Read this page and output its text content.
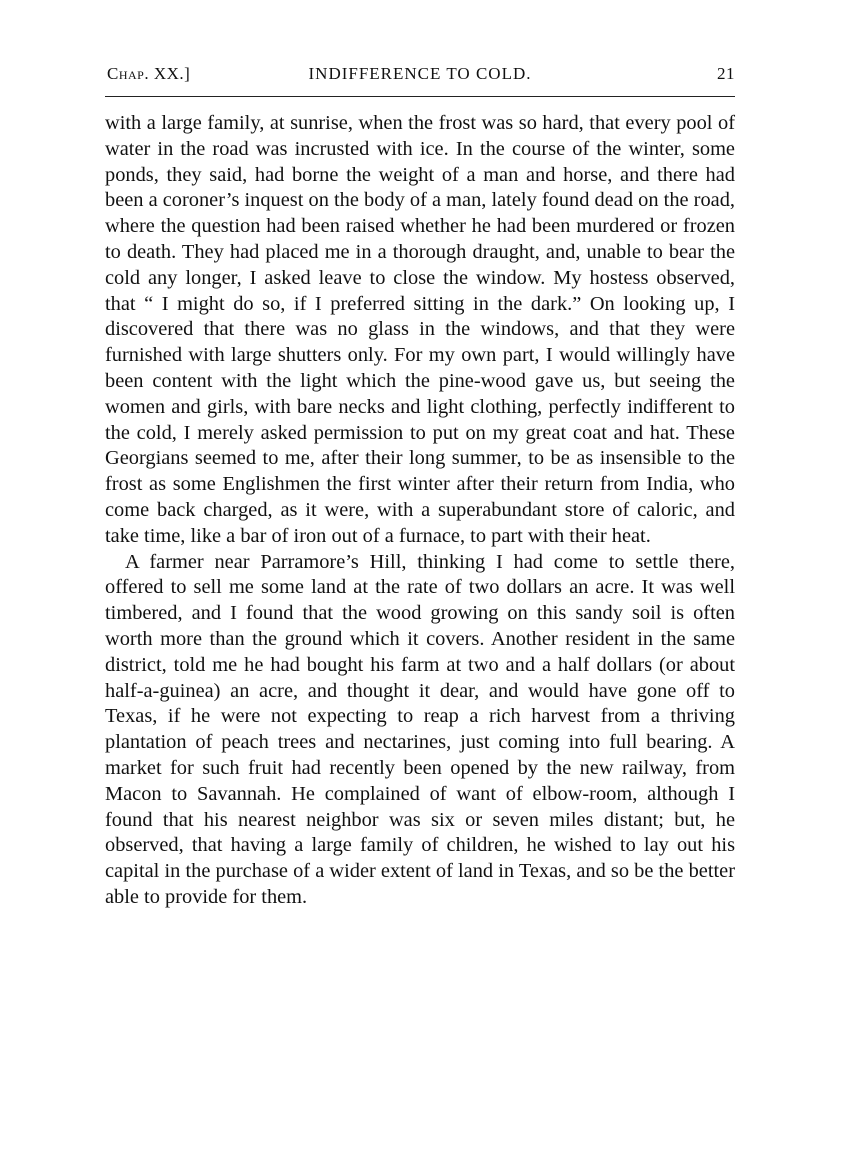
Chap. XX.]	INDIFFERENCE TO COLD.	21

with a large family, at sunrise, when the frost was so hard, that every pool of water in the road was incrusted with ice. In the course of the winter, some ponds, they said, had borne the weight of a man and horse, and there had been a coroner’s inquest on the body of a man, lately found dead on the road, where the question had been raised whether he had been murdered or frozen to death. They had placed me in a thorough draught, and, unable to bear the cold any longer, I asked leave to close the window. My hostess observed, that “ I might do so, if I preferred sitting in the dark.” On looking up, I discovered that there was no glass in the windows, and that they were furnished with large shutters only. For my own part, I would willingly have been content with the light which the pine-wood gave us, but seeing the women and girls, with bare necks and light clothing, perfectly indifferent to the cold, I merely asked permission to put on my great coat and hat. These Georgians seemed to me, after their long summer, to be as insensible to the frost as some Englishmen the first winter after their return from India, who come back charged, as it were, with a superabundant store of caloric, and take time, like a bar of iron out of a furnace, to part with their heat.

A farmer near Parramore’s Hill, thinking I had come to settle there, offered to sell me some land at the rate of two dollars an acre. It was well timbered, and I found that the wood growing on this sandy soil is often worth more than the ground which it covers. Another resident in the same district, told me he had bought his farm at two and a half dollars (or about half-a-guinea) an acre, and thought it dear, and would have gone off to Texas, if he were not expecting to reap a rich harvest from a thriving plantation of peach trees and nectarines, just coming into full bearing. A market for such fruit had recently been opened by the new railway, from Macon to Savannah. He complained of want of elbow-room, although I found that his nearest neighbor was six or seven miles distant; but, he observed, that having a large family of children, he wished to lay out his capital in the purchase of a wider extent of land in Texas, and so be the better able to provide for them.
